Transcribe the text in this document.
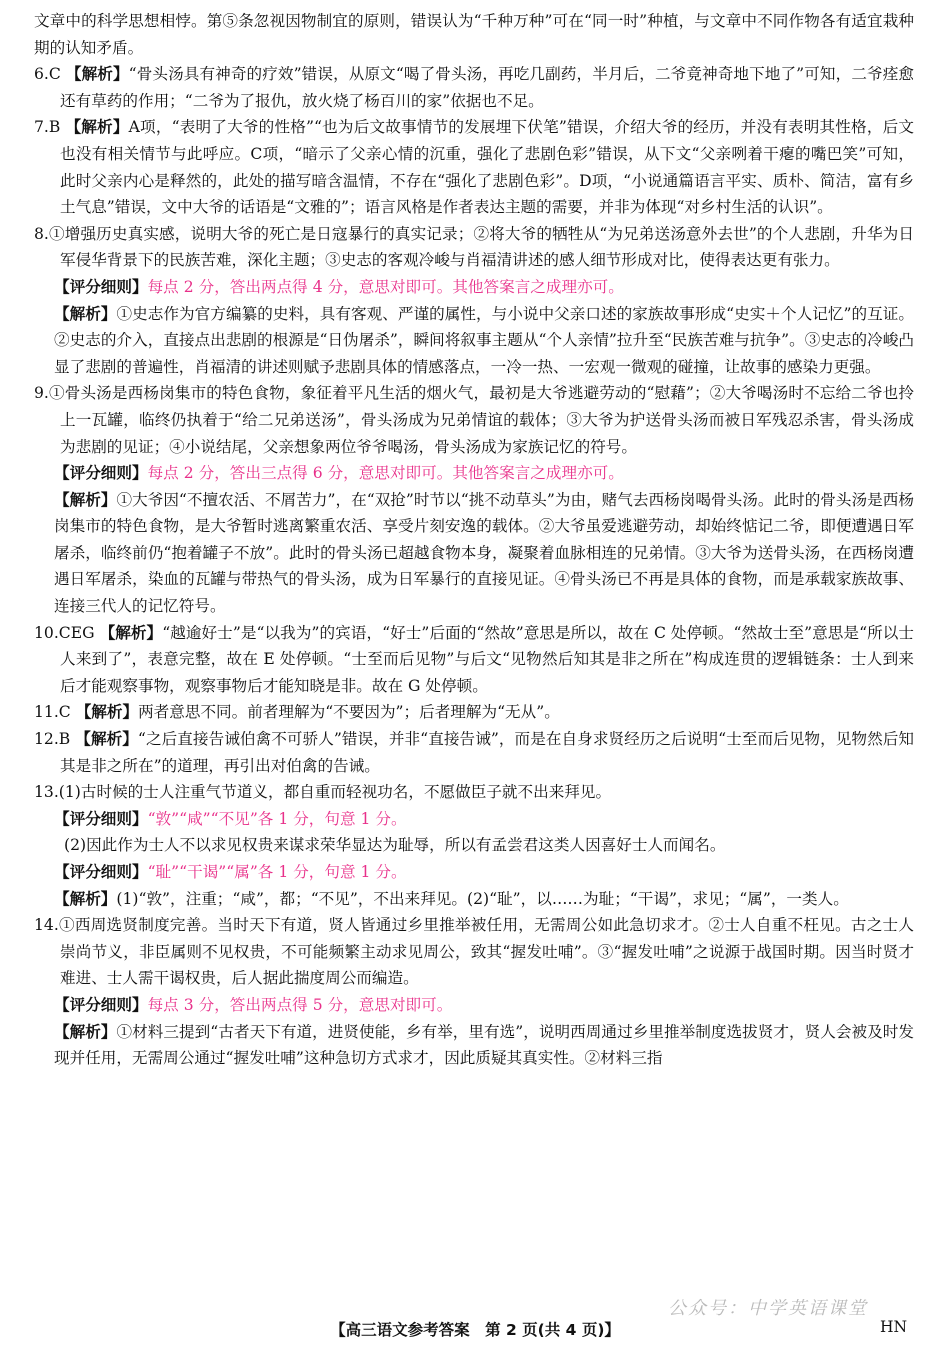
文章中的科学思想相悖。第⑤条忽视因物制宜的原则，错误认为“千种万种”可在“同一时”种植，与文章中不同作物各有适宜栽种期的认知矛盾。

6.C 【解析】“骨头汤具有神奇的疗效”错误，从原文“喝了骨头汤，再吃几副药，半月后，二爷竟神奇地下地了”可知，二爷痊愈还有草药的作用；“二爷为了报仇，放火烧了杨百川的家”依据也不足。

7.B 【解析】A项，“表明了大爷的性格”“也为后文故事情节的发展埋下伏笔”错误，介绍大爷的经历，并没有表明其性格，后文也没有相关情节与此呼应。C项，“暗示了父亲心情的沉重，强化了悲剧色彩”错误，从下文“父亲咧着干瘪的嘴巴笑”可知，此时父亲内心是释然的，此处的描写暗含温情，不存在“强化了悲剧色彩”。D项，“小说通篇语言平实、质朴、简洁，富有乡土气息”错误，文中大爷的话语是“文雅的”；语言风格是作者表达主题的需要，并非为体现“对乡村生活的认识”。

8.①增强历史真实感，说明大爷的死亡是日寇暴行的真实记录；②将大爷的牺牲从“为兄弟送汤意外去世”的个人悲剧，升华为日军侵华背景下的民族苦难，深化主题；③史志的客观冷峻与肖福清讲述的感人细节形成对比，使得表达更有张力。

【评分细则】每点 2 分，答出两点得 4 分，意思对即可。其他答案言之成理亦可。

【解析】①史志作为官方编纂的史料，具有客观、严谨的属性，与小说中父亲口述的家族故事形成“史实＋个人记忆”的互证。②史志的介入，直接点出悲剧的根源是“日伪屠杀”，瞬间将叙事主题从“个人亲情”拉升至“民族苦难与抗争”。③史志的冷峻凸显了悲剧的普遍性，肖福清的讲述则赋予悲剧具体的情感落点，一冷一热、一宏观一微观的碰撞，让故事的感染力更强。

9.①骨头汤是西杨岗集市的特色食物，象征着平凡生活的烟火气，最初是大爷逃避劳动的“慰藉”；②大爷喝汤时不忘给二爷也拎上一瓦罐，临终仍执着于“给二兄弟送汤”，骨头汤成为兄弟情谊的载体；③大爷为护送骨头汤而被日军残忍杀害，骨头汤成为悲剧的见证；④小说结尾，父亲想象两位爷爷喝汤，骨头汤成为家族记忆的符号。

【评分细则】每点 2 分，答出三点得 6 分，意思对即可。其他答案言之成理亦可。

【解析】①大爷因“不擅农活、不屑苦力”，在“双抢”时节以“挑不动草头”为由，赌气去西杨岗喝骨头汤。此时的骨头汤是西杨岗集市的特色食物，是大爷暂时逃离繁重农活、享受片刻安逸的载体。②大爷虽爱逃避劳动，却始终惦记二爷，即便遭遇日军屠杀，临终前仍“抱着罐子不放”。此时的骨头汤已超越食物本身，凝聚着血脉相连的兄弟情。③大爷为送骨头汤，在西杨岗遭遇日军屠杀，染血的瓦罐与带热气的骨头汤，成为日军暴行的直接见证。④骨头汤已不再是具体的食物，而是承载家族故事、连接三代人的记忆符号。

10.CEG 【解析】“越逾好士”是“以我为”的宾语，“好士”后面的“然故”意思是所以，故在 C 处停顿。“然故士至”意思是“所以士人来到了”，表意完整，故在 E 处停顿。“士至而后见物”与后文“见物然后知其是非之所在”构成连贯的逻辑链条：士人到来后才能观察事物，观察事物后才能知晓是非。故在 G 处停顿。

11.C 【解析】两者意思不同。前者理解为“不要因为”；后者理解为“无从”。

12.B 【解析】“之后直接告诫伯禽不可骄人”错误，并非“直接告诫”，而是在自身求贤经历之后说明“士至而后见物，见物然后知其是非之所在”的道理，再引出对伯禽的告诫。

13.(1)古时候的士人注重气节道义，都自重而轻视功名，不愿做臣子就不出来拜见。

【评分细则】“敦”“咸”“不见”各 1 分，句意 1 分。

(2)因此作为士人不以求见权贵来谋求荣华显达为耻辱，所以有孟尝君这类人因喜好士人而闻名。

【评分细则】“耻”“干谒”“属”各 1 分，句意 1 分。

【解析】(1)“敦”，注重；“咸”，都；“不见”，不出来拜见。(2)“耻”，以……为耻；“干谒”，求见；“属”，一类人。

14.①西周选贤制度完善。当时天下有道，贤人皆通过乡里推举被任用，无需周公如此急切求才。②士人自重不枉见。古之士人崇尚节义，非臣属则不见权贵，不可能频繁主动求见周公，致其“握发吐哺”。③“握发吐哺”之说源于战国时期。因当时贤才难进、士人需干谒权贵，后人据此揣度周公而编造。

【评分细则】每点 3 分，答出两点得 5 分，意思对即可。

【解析】①材料三提到“古者天下有道，进贤使能，乡有举，里有选”，说明西周通过乡里推举制度选拔贤才，贤人会被及时发现并任用，无需周公通过“握发吐哺”这种急切方式求才，因此质疑其真实性。②材料三指

公众号：中学英语课堂
【高三语文参考答案　第 2 页(共 4 页)】	HN
